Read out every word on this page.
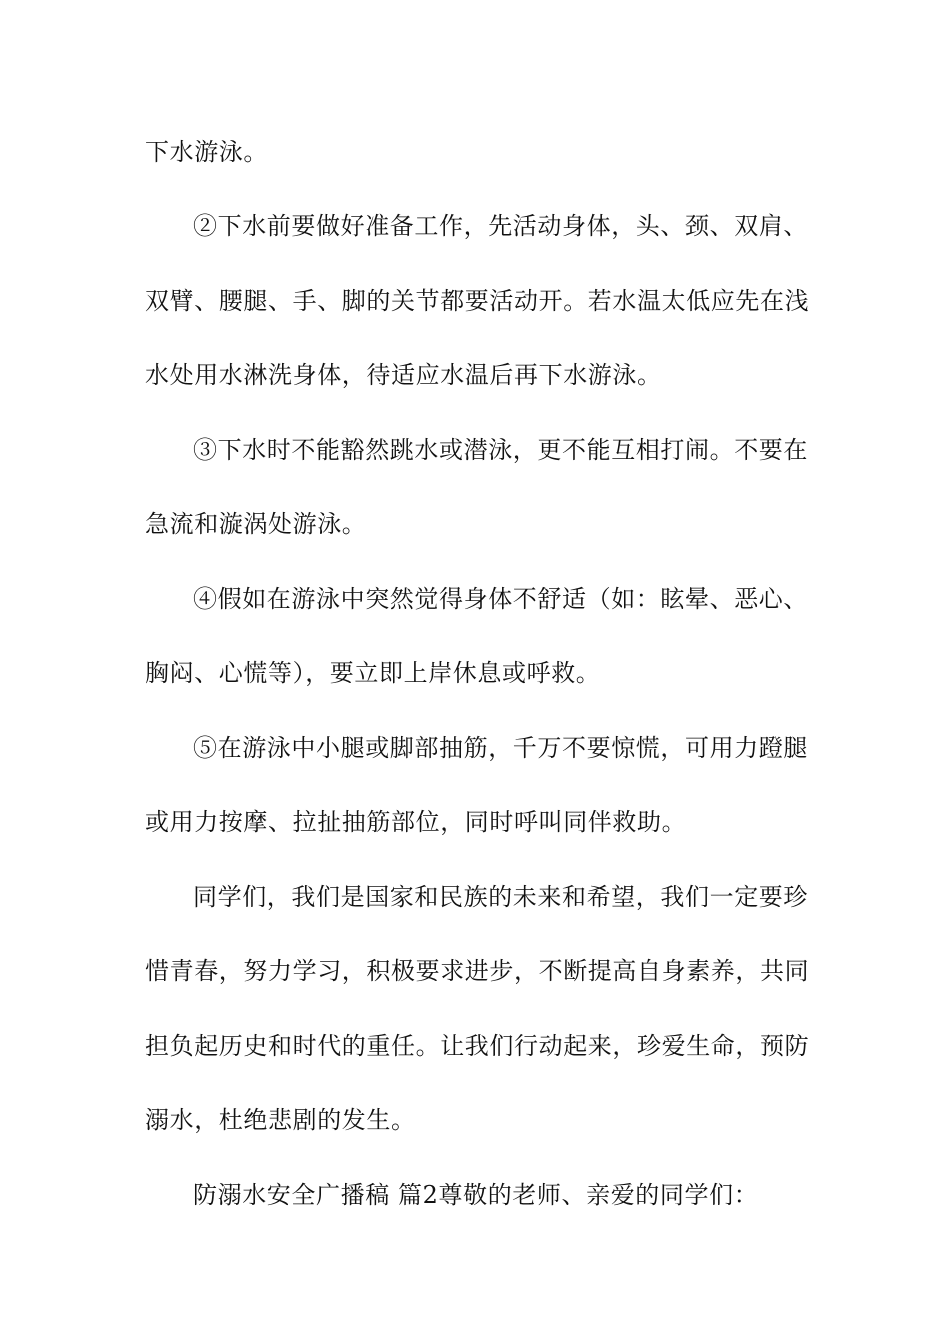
下水游泳。
②下水前要做好准备工作，先活动身体，头、颈、双肩、
双臂、腰腿、手、脚的关节都要活动开。若水温太低应先在浅
水处用水淋洗身体，待适应水温后再下水游泳。
③下水时不能豁然跳水或潜泳，更不能互相打闹。不要在
急流和漩涡处游泳。
④假如在游泳中突然觉得身体不舒适（如：眩晕、恶心、
胸闷、心慌等），要立即上岸休息或呼救。
⑤在游泳中小腿或脚部抽筋，千万不要惊慌，可用力蹬腿
或用力按摩、拉扯抽筋部位，同时呼叫同伴救助。
同学们，我们是国家和民族的未来和希望，我们一定要珍
惜青春，努力学习，积极要求进步，不断提高自身素养，共同
担负起历史和时代的重任。让我们行动起来，珍爱生命，预防
溺水，杜绝悲剧的发生。
防溺水安全广播稿 篇2尊敬的老师、亲爱的同学们：
